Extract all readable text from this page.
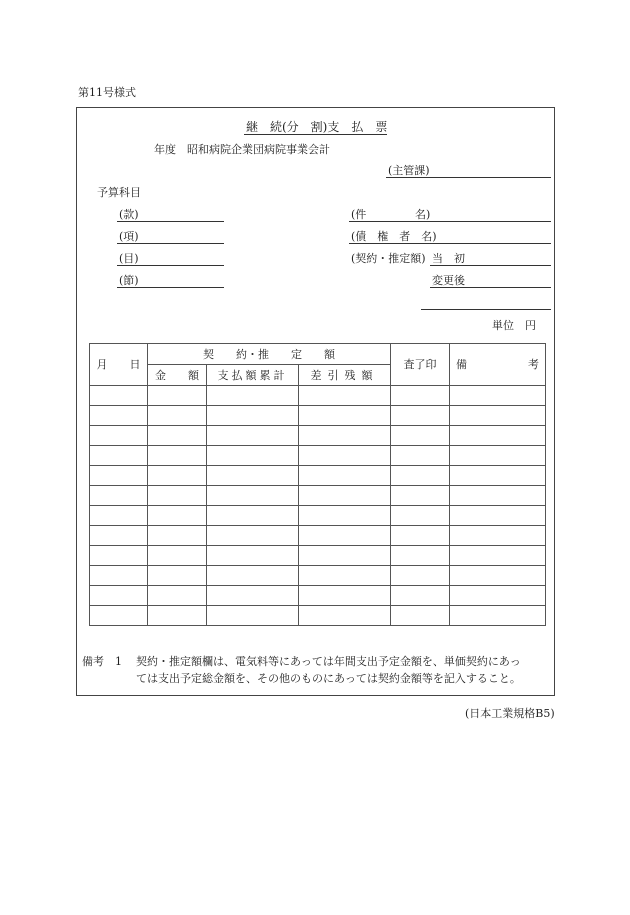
第11号様式
継　続(分　割)支　払　票
年度　昭和病院企業団病院事業会計
(主管課)
予算科目
(款)
(項)
(目)
(節)
(件	名)
(債　権　者　名)
(契約・推定額) 当　初
変更後
単位　円
月　　日	契　　約・推　　定　　額			査了印	備 考

	金　　額	支払額累計	差引残額		

備考　1 契約・推定額欄は、電気料等にあっては年間支出予定金額を、単価契約にあっ
ては支出予定総金額を、その他のものにあっては契約金額等を記入すること。
(日本工業規格B5)
